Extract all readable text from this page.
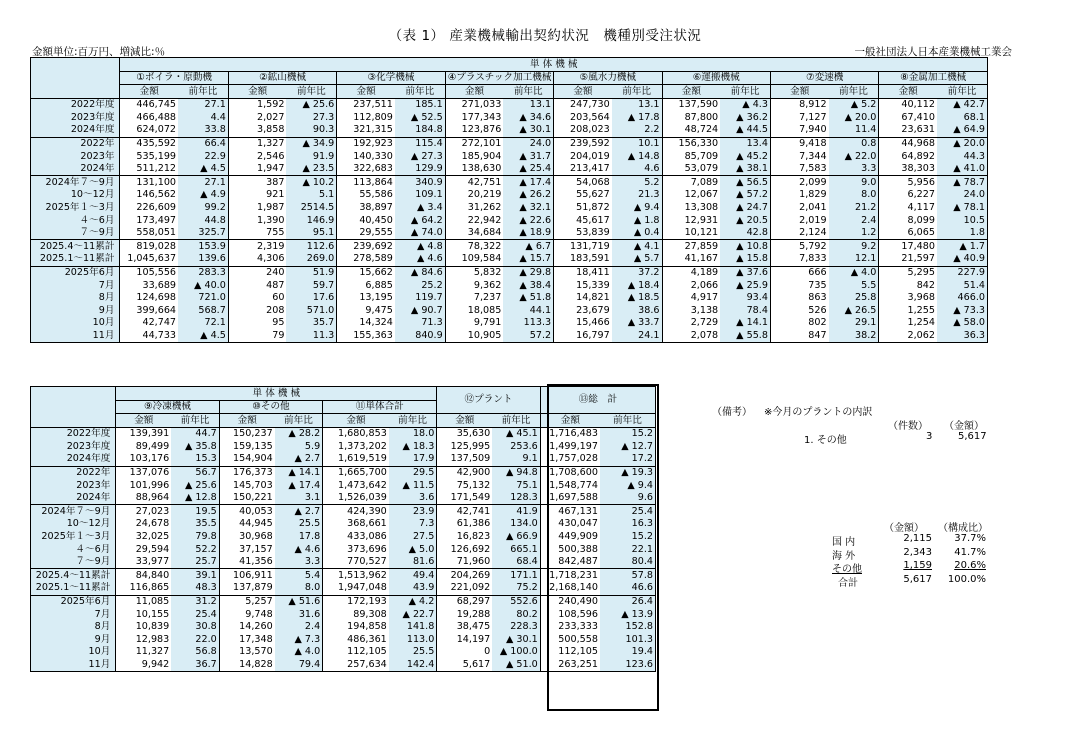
（表 1） 産業機械輸出契約状況　機種別受注状況
金額単位:百万円、増減比:％	一般社団法人日本産業機械工業会
	単 体 機 械															
	①ボイラ・原動機		②鉱山機械		③化学機械		④プラスチック加工機械		⑤風水力機械		⑥運搬機械		⑦変速機		⑧金属加工機械	
	金額	前年比	金額	前年比	金額	前年比	金額	前年比	金額	前年比	金額	前年比	金額	前年比	金額	前年比
2022年度	446,745	27.1	1,592	▲ 25.6	237,511	185.1	271,033	13.1	247,730	13.1	137,590	▲ 4.3	8,912	▲ 5.2	40,112	▲ 42.7
2023年度	466,488	4.4	2,027	27.3	112,809	▲ 52.5	177,343	▲ 34.6	203,564	▲ 17.8	87,800	▲ 36.2	7,127	▲ 20.0	67,410	68.1
2024年度	624,072	33.8	3,858	90.3	321,315	184.8	123,876	▲ 30.1	208,023	2.2	48,724	▲ 44.5	7,940	11.4	23,631	▲ 64.9
2022年	435,592	66.4	1,327	▲ 34.9	192,923	115.4	272,101	24.0	239,592	10.1	156,330	13.4	9,418	0.8	44,968	▲ 20.0
2023年	535,199	22.9	2,546	91.9	140,330	▲ 27.3	185,904	▲ 31.7	204,019	▲ 14.8	85,709	▲ 45.2	7,344	▲ 22.0	64,892	44.3
2024年	511,212	▲ 4.5	1,947	▲ 23.5	322,683	129.9	138,630	▲ 25.4	213,417	4.6	53,079	▲ 38.1	7,583	3.3	38,303	▲ 41.0
2024年７～9月	131,100	27.1	387	▲ 10.2	113,864	340.9	42,751	▲ 17.4	54,068	5.2	7,089	▲ 56.5	2,099	9.0	5,956	▲ 78.7
10～12月	146,562	▲ 4.9	921	5.1	55,586	109.1	20,219	▲ 26.2	55,627	21.3	12,067	▲ 57.2	1,829	8.0	6,227	24.0
2025年１～3月	226,609	99.2	1,987	2514.5	38,897	▲ 3.4	31,262	▲ 32.1	51,872	▲ 9.4	13,308	▲ 24.7	2,041	21.2	4,117	▲ 78.1
４～6月	173,497	44.8	1,390	146.9	40,450	▲ 64.2	22,942	▲ 22.6	45,617	▲ 1.8	12,931	▲ 20.5	2,019	2.4	8,099	10.5
７～9月	558,051	325.7	755	95.1	29,555	▲ 74.0	34,684	▲ 18.9	53,839	▲ 0.4	10,121	42.8	2,124	1.2	6,065	1.8
2025.4～11累計	819,028	153.9	2,319	112.6	239,692	▲ 4.8	78,322	▲ 6.7	131,719	▲ 4.1	27,859	▲ 10.8	5,792	9.2	17,480	▲ 1.7
2025.1～11累計	1,045,637	139.6	4,306	269.0	278,589	▲ 4.6	109,584	▲ 15.7	183,591	▲ 5.7	41,167	▲ 15.8	7,833	12.1	21,597	▲ 40.9
2025年6月	105,556	283.3	240	51.9	15,662	▲ 84.6	5,832	▲ 29.8	18,411	37.2	4,189	▲ 37.6	666	▲ 4.0	5,295	227.9
7月	33,689	▲ 40.0	487	59.7	6,885	25.2	9,362	▲ 38.4	15,339	▲ 18.4	2,066	▲ 25.9	735	5.5	842	51.4
8月	124,698	721.0	60	17.6	13,195	119.7	7,237	▲ 51.8	14,821	▲ 18.5	4,917	93.4	863	25.8	3,968	466.0
9月	399,664	568.7	208	571.0	9,475	▲ 90.7	18,085	44.1	23,679	38.6	3,138	78.4	526	▲ 26.5	1,255	▲ 73.3
10月	42,747	72.1	95	35.7	14,324	71.3	9,791	113.3	15,466	▲ 33.7	2,729	▲ 14.1	802	29.1	1,254	▲ 58.0
11月	44,733	▲ 4.5	79	11.3	155,363	840.9	10,905	57.2	16,797	24.1	2,078	▲ 55.8	847	38.2	2,062	36.3
	単 体 機 械						⑫プラント		⑬総　計	
	⑨冷凍機械		⑩その他		⑪単体合計					
	金額	前年比	金額	前年比	金額	前年比	金額	前年比	金額	前年比
2022年度	139,391	44.7	150,237	▲ 28.2	1,680,853	18.0	35,630	▲ 45.1	1,716,483	15.2
2023年度	89,499	▲ 35.8	159,135	5.9	1,373,202	▲ 18.3	125,995	253.6	1,499,197	▲ 12.7
2024年度	103,176	15.3	154,904	▲ 2.7	1,619,519	17.9	137,509	9.1	1,757,028	17.2
2022年	137,076	56.7	176,373	▲ 14.1	1,665,700	29.5	42,900	▲ 94.8	1,708,600	▲ 19.3
2023年	101,996	▲ 25.6	145,703	▲ 17.4	1,473,642	▲ 11.5	75,132	75.1	1,548,774	▲ 9.4
2024年	88,964	▲ 12.8	150,221	3.1	1,526,039	3.6	171,549	128.3	1,697,588	9.6
2024年７～9月	27,023	19.5	40,053	▲ 2.7	424,390	23.9	42,741	41.9	467,131	25.4
10～12月	24,678	35.5	44,945	25.5	368,661	7.3	61,386	134.0	430,047	16.3
2025年１～3月	32,025	79.8	30,968	17.8	433,086	27.5	16,823	▲ 66.9	449,909	15.2
４～6月	29,594	52.2	37,157	▲ 4.6	373,696	▲ 5.0	126,692	665.1	500,388	22.1
７～9月	33,977	25.7	41,356	3.3	770,527	81.6	71,960	68.4	842,487	80.4
2025.4～11累計	84,840	39.1	106,911	5.4	1,513,962	49.4	204,269	171.1	1,718,231	57.8
2025.1～11累計	116,865	48.3	137,879	8.0	1,947,048	43.9	221,092	75.2	2,168,140	46.6
2025年6月	11,085	31.2	5,257	▲ 51.6	172,193	▲ 4.2	68,297	552.6	240,490	26.4
7月	10,155	25.4	9,748	31.6	89,308	▲ 22.7	19,288	80.2	108,596	▲ 13.9
8月	10,839	30.8	14,260	2.4	194,858	141.8	38,475	228.3	233,333	152.8
9月	12,983	22.0	17,348	▲ 7.3	486,361	113.0	14,197	▲ 30.1	500,558	101.3
10月	11,327	56.8	13,570	▲ 4.0	112,105	25.5	0	▲ 100.0	112,105	19.4
11月	9,942	36.7	14,828	79.4	257,634	142.4	5,617	▲ 51.0	263,251	123.6
（備考） ※今月のプラントの内訳
（件数） （金額）
1. その他	3	5,617
（金額） （構成比）
国 内	2,115	37.7%
海 外	2,343	41.7%
その他	1,159	20.6%
合計	5,617	100.0%
